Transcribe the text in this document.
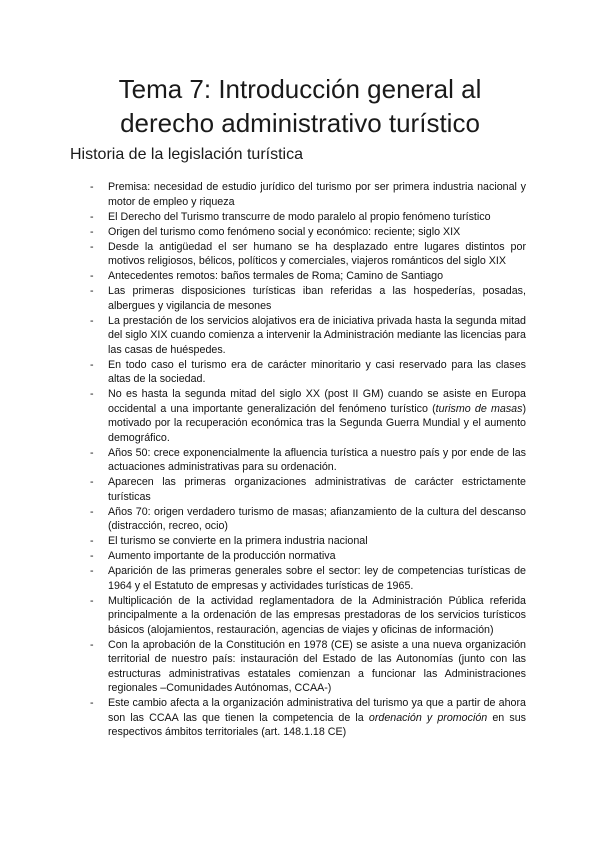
Tema 7: Introducción general al
derecho administrativo turístico
Historia de la legislación turística
-	Premisa: necesidad de estudio jurídico del turismo por ser primera industria nacional y motor de empleo y riqueza
-	El Derecho del Turismo transcurre de modo paralelo al propio fenómeno turístico
-	Origen del turismo como fenómeno social y económico: reciente; siglo XIX
-	Desde la antigüedad el ser humano se ha desplazado entre lugares distintos por motivos religiosos, bélicos, políticos y comerciales, viajeros románticos del siglo XIX
-	Antecedentes remotos: baños termales de Roma; Camino de Santiago
-	Las primeras disposiciones turísticas iban referidas a las hospederías, posadas, albergues y vigilancia de mesones
-	La prestación de los servicios alojativos era de iniciativa privada hasta la segunda mitad del siglo XIX cuando comienza a intervenir la Administración mediante las licencias para las casas de huéspedes.
-	En todo caso el turismo era de carácter minoritario y casi reservado para las clases altas de la sociedad.
-	No es hasta la segunda mitad del siglo XX (post II GM) cuando se asiste en Europa occidental a una importante generalización del fenómeno turístico (turismo de masas) motivado por la recuperación económica tras la Segunda Guerra Mundial y el aumento demográfico.
-	Años 50: crece exponencialmente la afluencia turística a nuestro país y por ende de las actuaciones administrativas para su ordenación.
-	Aparecen las primeras organizaciones administrativas de carácter estrictamente turísticas
-	Años 70: origen verdadero turismo de masas; afianzamiento de la cultura del descanso (distracción, recreo, ocio)
-	El turismo se convierte en la primera industria nacional
-	Aumento importante de la producción normativa
-	Aparición de las primeras generales sobre el sector: ley de competencias turísticas de 1964 y el Estatuto de empresas y actividades turísticas de 1965.
-	Multiplicación de la actividad reglamentadora de la Administración Pública referida principalmente a la ordenación de las empresas prestadoras de los servicios turísticos básicos (alojamientos, restauración, agencias de viajes y oficinas de información)
-	Con la aprobación de la Constitución en 1978 (CE) se asiste a una nueva organización territorial de nuestro país: instauración del Estado de las Autonomías (junto con las estructuras administrativas estatales comienzan a funcionar las Administraciones regionales –Comunidades Autónomas, CCAA-)
-	Este cambio afecta a la organización administrativa del turismo ya que a partir de ahora son las CCAA las que tienen la competencia de la ordenación y promoción en sus respectivos ámbitos territoriales (art. 148.1.18 CE)
